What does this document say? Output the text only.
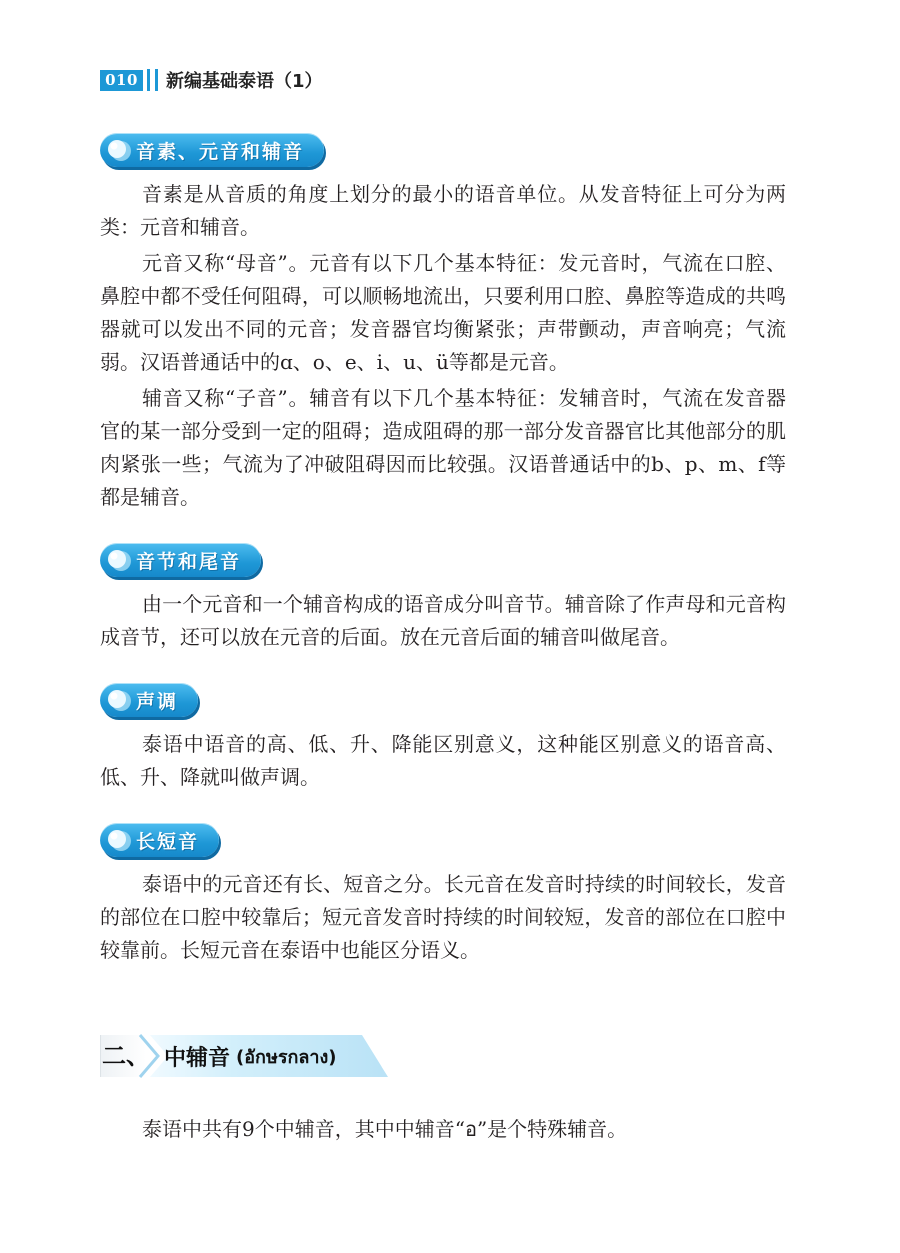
010 新编基础泰语（1）
音素、元音和辅音
音素是从音质的角度上划分的最小的语音单位。从发音特征上可分为两
类：元音和辅音。
元音又称“母音”。元音有以下几个基本特征：发元音时，气流在口腔、
鼻腔中都不受任何阻碍，可以顺畅地流出，只要利用口腔、鼻腔等造成的共鸣
器就可以发出不同的元音；发音器官均衡紧张；声带颤动，声音响亮；气流
弱。汉语普通话中的ɑ、o、e、i、u、ü等都是元音。
辅音又称“子音”。辅音有以下几个基本特征：发辅音时，气流在发音器
官的某一部分受到一定的阻碍；造成阻碍的那一部分发音器官比其他部分的肌
肉紧张一些；气流为了冲破阻碍因而比较强。汉语普通话中的b、p、m、f等
都是辅音。
音节和尾音
由一个元音和一个辅音构成的语音成分叫音节。辅音除了作声母和元音构
成音节，还可以放在元音的后面。放在元音后面的辅音叫做尾音。
声调
泰语中语音的高、低、升、降能区别意义，这种能区别意义的语音高、
低、升、降就叫做声调。
长短音
泰语中的元音还有长、短音之分。长元音在发音时持续的时间较长，发音
的部位在口腔中较靠后；短元音发音时持续的时间较短，发音的部位在口腔中
较靠前。长短元音在泰语中也能区分语义。
二、 中辅音 (อักษรกลาง)
泰语中共有9个中辅音，其中中辅音“อ”是个特殊辅音。
